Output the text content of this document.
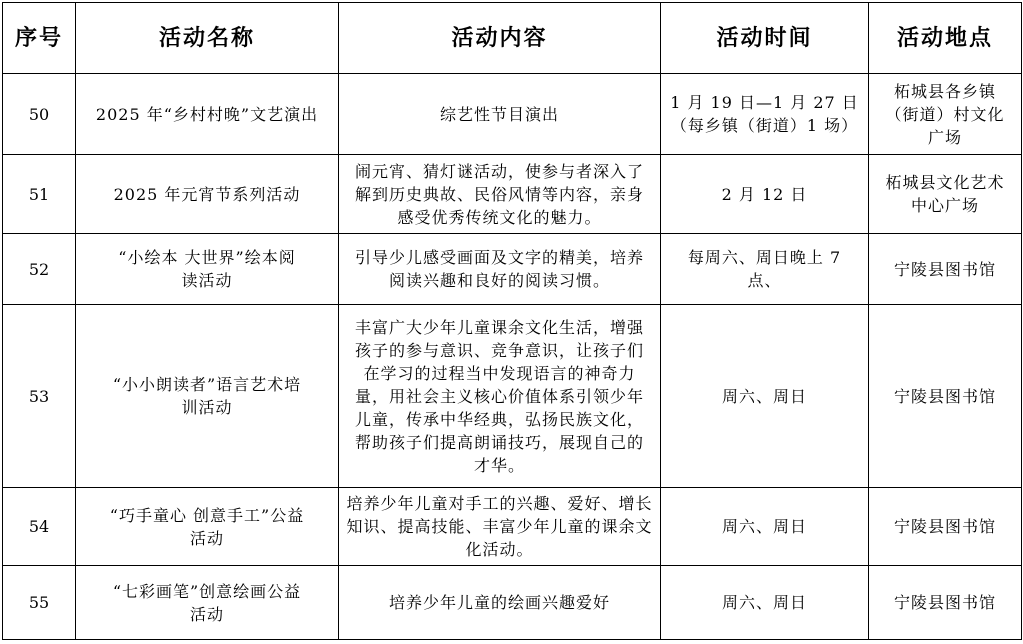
序号	活动名称	活动内容	活动时间	活动地点
50	2025 年“乡村村晚”文艺演出	综艺性节目演出	1 月 19 日—1 月 27 日（每乡镇（街道）1 场）	柘城县各乡镇（街道）村文化广场
51	2025 年元宵节系列活动	闹元宵、猜灯谜活动，使参与者深入了解到历史典故、民俗风情等内容，亲身感受优秀传统文化的魅力。	2 月 12 日	柘城县文化艺术中心广场
52	“小绘本 大世界”绘本阅读活动	引导少儿感受画面及文字的精美，培养阅读兴趣和良好的阅读习惯。	每周六、周日晚上 7 点、	宁陵县图书馆
53	“小小朗读者”语言艺术培训活动	丰富广大少年儿童课余文化生活，增强孩子的参与意识、竞争意识，让孩子们在学习的过程当中发现语言的神奇力量，用社会主义核心价值体系引领少年儿童，传承中华经典，弘扬民族文化，帮助孩子们提高朗诵技巧，展现自己的才华。	周六、周日	宁陵县图书馆
54	“巧手童心 创意手工”公益活动	培养少年儿童对手工的兴趣、爱好、增长知识、提高技能、丰富少年儿童的课余文化活动。	周六、周日	宁陵县图书馆
55	“七彩画笔”创意绘画公益活动	培养少年儿童的绘画兴趣爱好	周六、周日	宁陵县图书馆
